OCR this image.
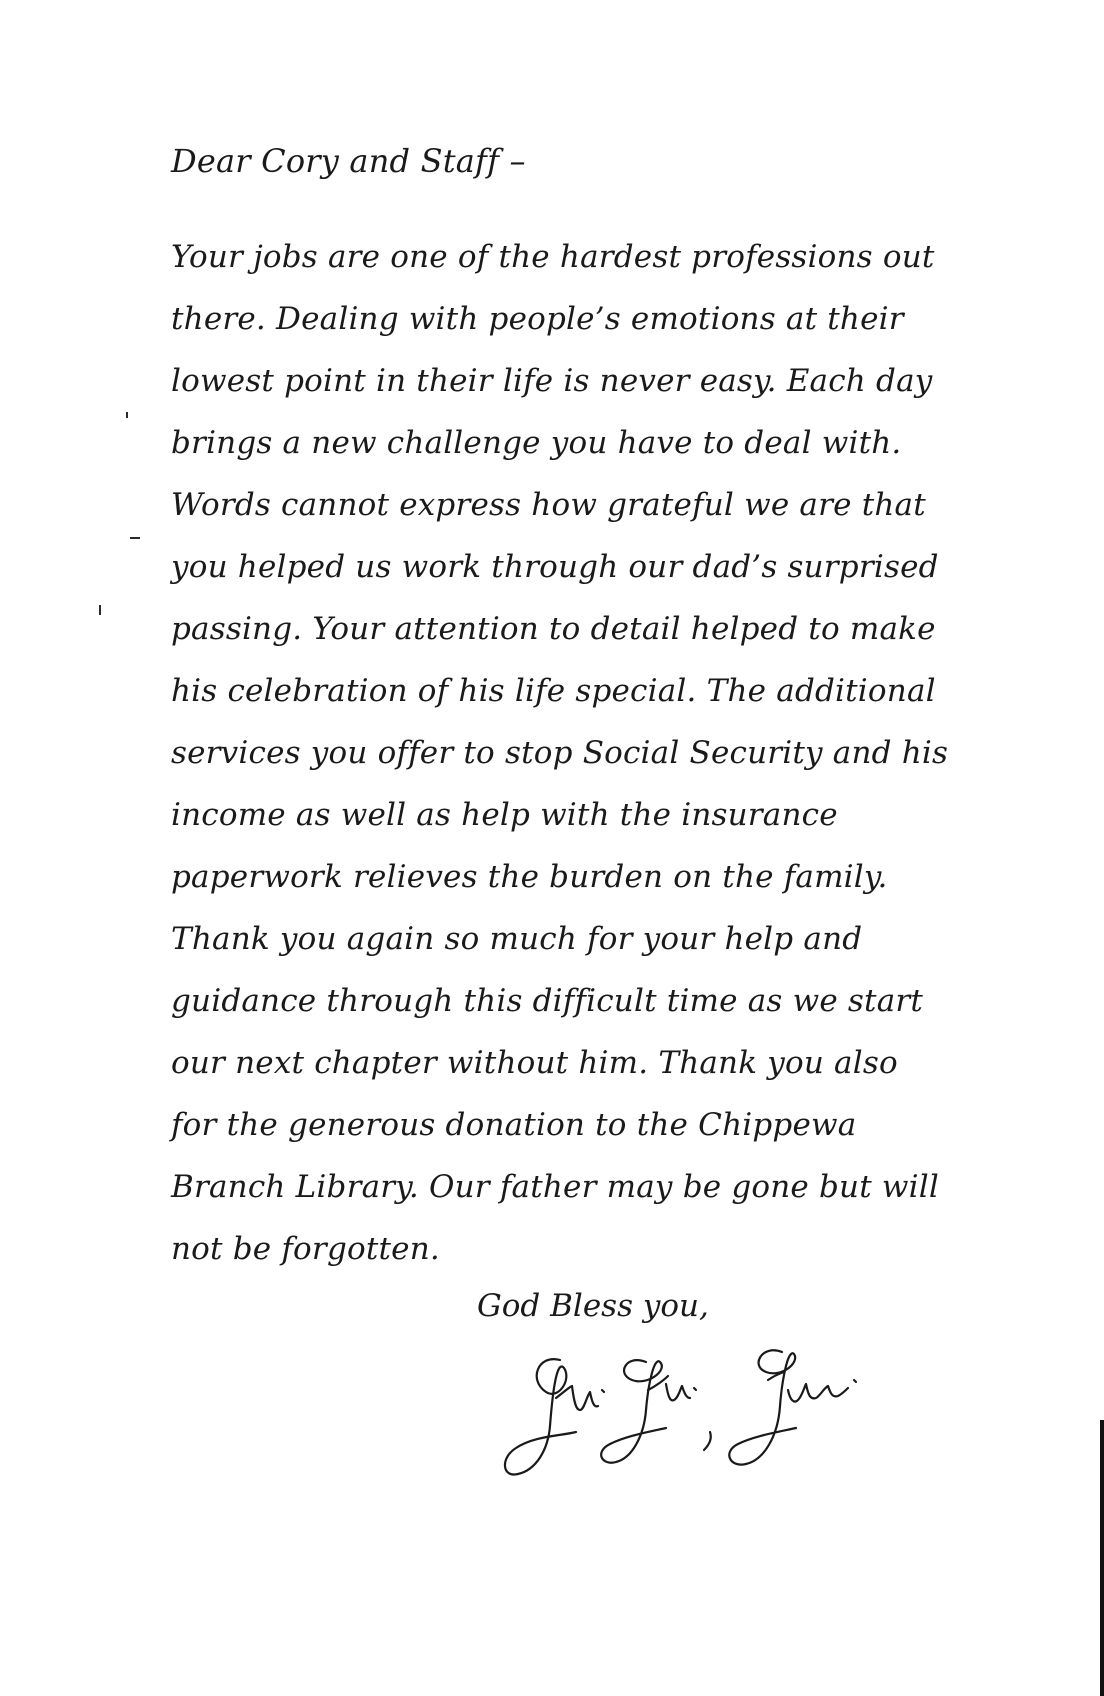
Dear Cory and Staff –

Your jobs are one of the hardest professions out
there. Dealing with people’s emotions at their
lowest point in their life is never easy. Each day
brings a new challenge you have to deal with.
Words cannot express how grateful we are that
you helped us work through our dad’s surprised
passing. Your attention to detail helped to make
his celebration of his life special. The additional
services you offer to stop Social Security and his
income as well as help with the insurance
paperwork relieves the burden on the family.
Thank you again so much for your help and
guidance through this difficult time as we start
our next chapter without him. Thank you also
for the generous donation to the Chippewa
Branch Library. Our father may be gone but will
not be forgotten.

God Bless you,
